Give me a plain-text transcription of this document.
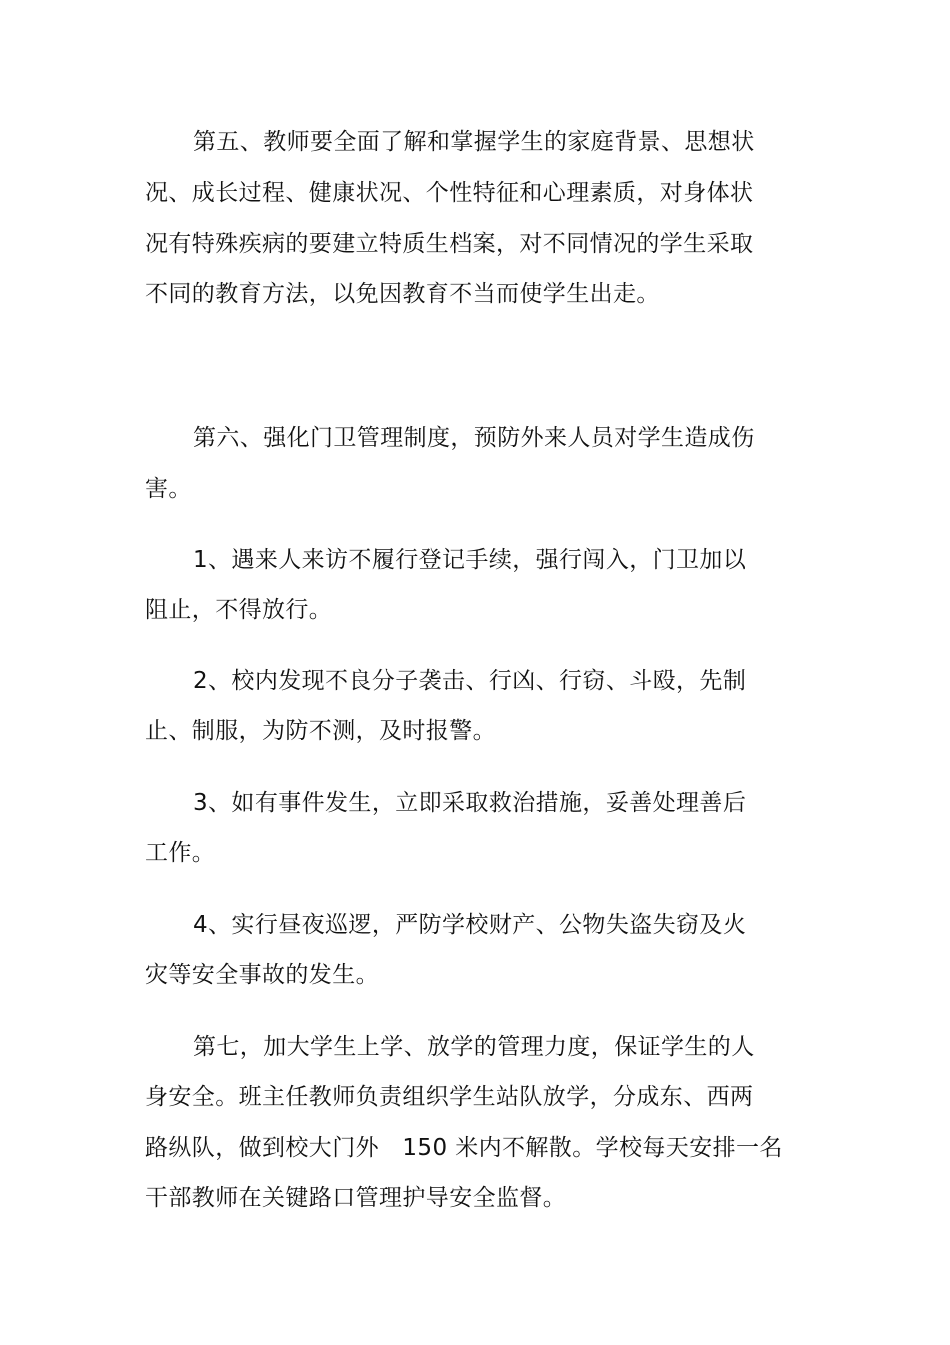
第五、教师要全面了解和掌握学生的家庭背景、思想状
况、成长过程、健康状况、个性特征和心理素质，对身体状
况有特殊疾病的要建立特质生档案，对不同情况的学生采取
不同的教育方法，以免因教育不当而使学生出走。
第六、强化门卫管理制度，预防外来人员对学生造成伤
害。
1、遇来人来访不履行登记手续，强行闯入，门卫加以
阻止，不得放行。
2、校内发现不良分子袭击、行凶、行窃、斗殴，先制
止、制服，为防不测，及时报警。
3、如有事件发生，立即采取救治措施，妥善处理善后
工作。
4、实行昼夜巡逻，严防学校财产、公物失盗失窃及火
灾等安全事故的发生。
第七，加大学生上学、放学的管理力度，保证学生的人
身安全。班主任教师负责组织学生站队放学，分成东、西两
路纵队，做到校大门外　150 米内不解散。学校每天安排一名
干部教师在关键路口管理护导安全监督。
